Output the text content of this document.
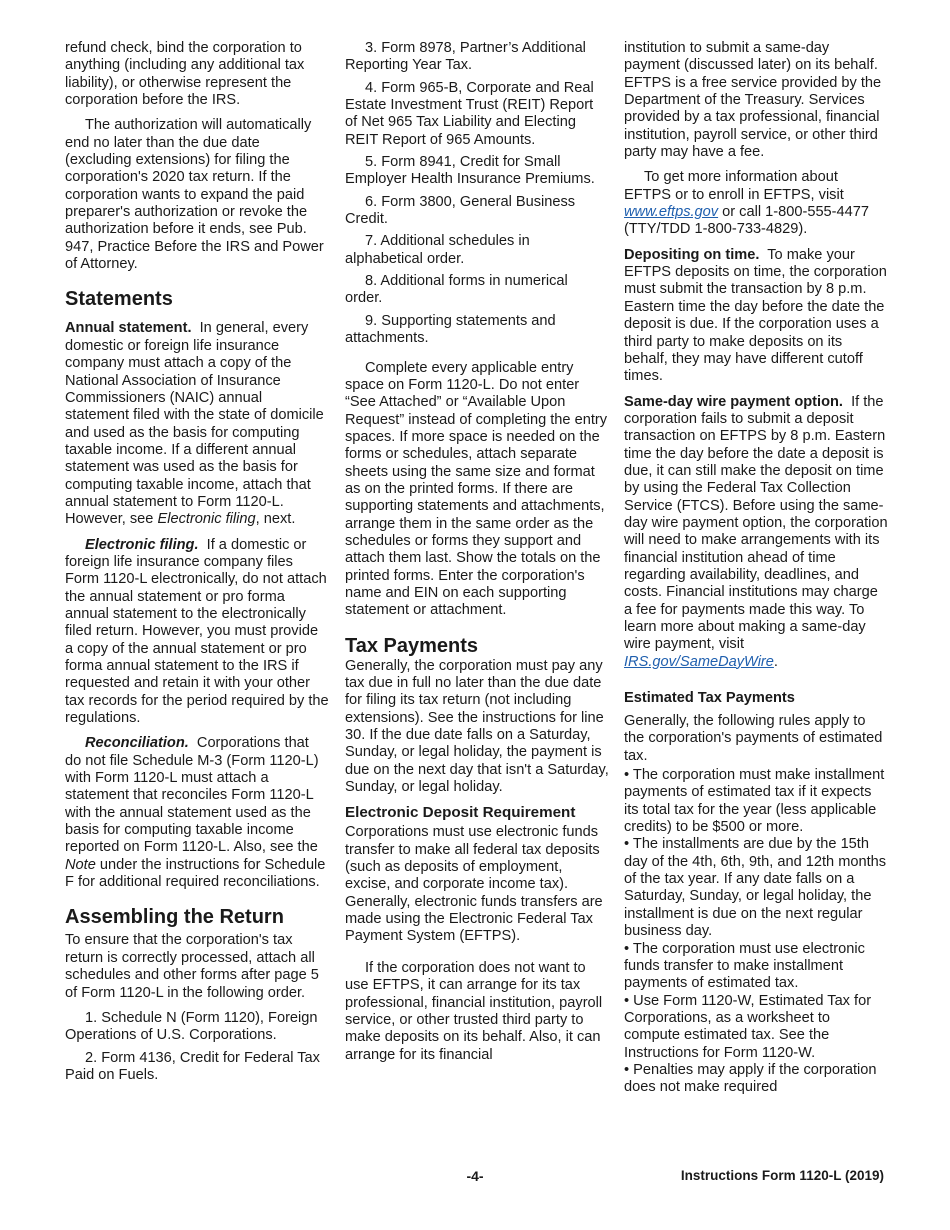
refund check, bind the corporation to anything (including any additional tax liability), or otherwise represent the corporation before the IRS.

The authorization will automatically end no later than the due date (excluding extensions) for filing the corporation's 2020 tax return. If the corporation wants to expand the paid preparer's authorization or revoke the authorization before it ends, see Pub. 947, Practice Before the IRS and Power of Attorney.

Statements

Annual statement. In general, every domestic or foreign life insurance company must attach a copy of the National Association of Insurance Commissioners (NAIC) annual statement filed with the state of domicile and used as the basis for computing taxable income. If a different annual statement was used as the basis for computing taxable income, attach that annual statement to Form 1120-L. However, see Electronic filing, next.

Electronic filing. If a domestic or foreign life insurance company files Form 1120-L electronically, do not attach the annual statement or pro forma annual statement to the electronically filed return. However, you must provide a copy of the annual statement or pro forma annual statement to the IRS if requested and retain it with your other tax records for the period required by the regulations.

Reconciliation. Corporations that do not file Schedule M-3 (Form 1120-L) with Form 1120-L must attach a statement that reconciles Form 1120-L with the annual statement used as the basis for computing taxable income reported on Form 1120-L. Also, see the Note under the instructions for Schedule F for additional required reconciliations.

Assembling the Return

To ensure that the corporation's tax return is correctly processed, attach all schedules and other forms after page 5 of Form 1120-L in the following order.

1. Schedule N (Form 1120), Foreign Operations of U.S. Corporations.

2. Form 4136, Credit for Federal Tax Paid on Fuels.

3. Form 8978, Partner’s Additional Reporting Year Tax.

4. Form 965-B, Corporate and Real Estate Investment Trust (REIT) Report of Net 965 Tax Liability and Electing REIT Report of 965 Amounts.

5. Form 8941, Credit for Small Employer Health Insurance Premiums.

6. Form 3800, General Business Credit.

7. Additional schedules in alphabetical order.

8. Additional forms in numerical order.

9. Supporting statements and attachments.

Complete every applicable entry space on Form 1120-L. Do not enter “See Attached” or “Available Upon Request” instead of completing the entry spaces. If more space is needed on the forms or schedules, attach separate sheets using the same size and format as on the printed forms. If there are supporting statements and attachments, arrange them in the same order as the schedules or forms they support and attach them last. Show the totals on the printed forms. Enter the corporation's name and EIN on each supporting statement or attachment.

Tax Payments

Generally, the corporation must pay any tax due in full no later than the due date for filing its tax return (not including extensions). See the instructions for line 30. If the due date falls on a Saturday, Sunday, or legal holiday, the payment is due on the next day that isn't a Saturday, Sunday, or legal holiday.

Electronic Deposit Requirement

Corporations must use electronic funds transfer to make all federal tax deposits (such as deposits of employment, excise, and corporate income tax). Generally, electronic funds transfers are made using the Electronic Federal Tax Payment System (EFTPS).

If the corporation does not want to use EFTPS, it can arrange for its tax professional, financial institution, payroll service, or other trusted third party to make deposits on its behalf. Also, it can arrange for its financial

institution to submit a same-day payment (discussed later) on its behalf. EFTPS is a free service provided by the Department of the Treasury. Services provided by a tax professional, financial institution, payroll service, or other third party may have a fee.

To get more information about EFTPS or to enroll in EFTPS, visit www.eftps.gov or call 1-800-555-4477 (TTY/TDD 1-800-733-4829).

Depositing on time. To make your EFTPS deposits on time, the corporation must submit the transaction by 8 p.m. Eastern time the day before the date the deposit is due. If the corporation uses a third party to make deposits on its behalf, they may have different cutoff times.

Same-day wire payment option. If the corporation fails to submit a deposit transaction on EFTPS by 8 p.m. Eastern time the day before the date a deposit is due, it can still make the deposit on time by using the Federal Tax Collection Service (FTCS). Before using the same-day wire payment option, the corporation will need to make arrangements with its financial institution ahead of time regarding availability, deadlines, and costs. Financial institutions may charge a fee for payments made this way. To learn more about making a same-day wire payment, visit IRS.gov/SameDayWire.

Estimated Tax Payments

Generally, the following rules apply to the corporation's payments of estimated tax.

• The corporation must make installment payments of estimated tax if it expects its total tax for the year (less applicable credits) to be $500 or more.

• The installments are due by the 15th day of the 4th, 6th, 9th, and 12th months of the tax year. If any date falls on a Saturday, Sunday, or legal holiday, the installment is due on the next regular business day.

• The corporation must use electronic funds transfer to make installment payments of estimated tax.

• Use Form 1120-W, Estimated Tax for Corporations, as a worksheet to compute estimated tax. See the Instructions for Form 1120-W.

• Penalties may apply if the corporation does not make required

-4-	Instructions Form 1120-L (2019)
